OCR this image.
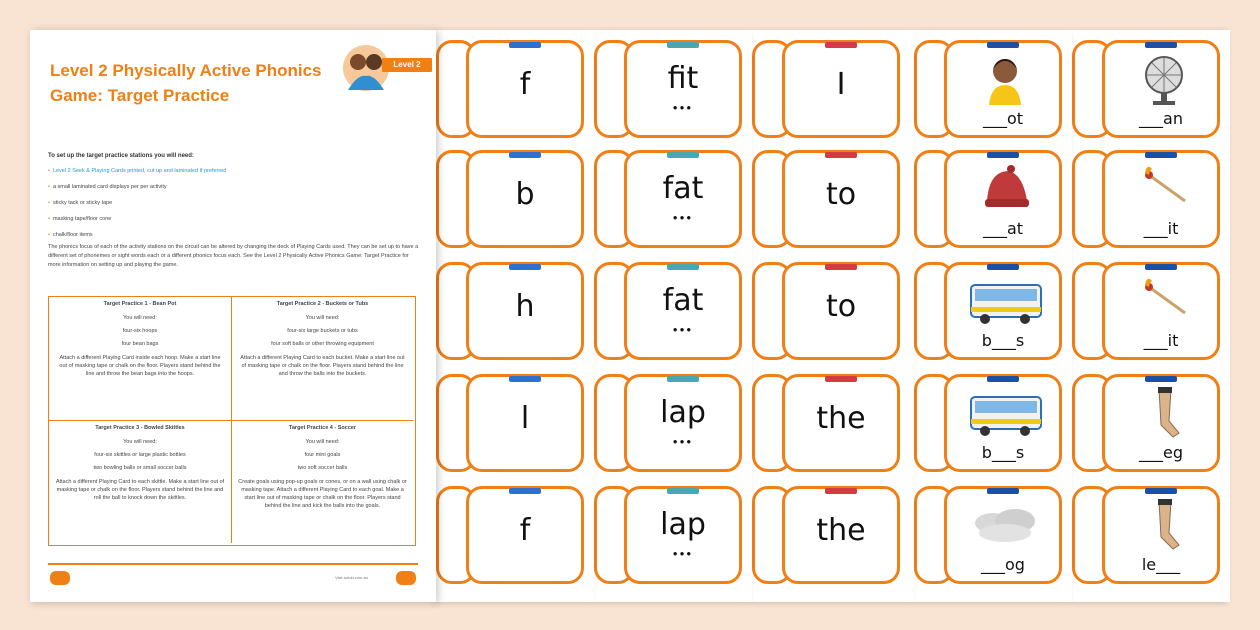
___an
___it
___it
___eg
le___
___ot
___at
b___s
b___s
___og
I
to
to
the
the
fit
●●●
fat
●●●
fat
●●●
lap
●●●
lap
●●●
f
b
h
l
f
Level 2 Physically Active Phonics Game: Target Practice
Level 2
To set up the target practice stations you will need:
• Level 2 Seek & Playing Cards printed, cut up and laminated if preferred
• a small laminated card displays per per activity
• sticky tack or sticky tape
• masking tape/floor cone
• chalk/floor items
The phonics focus of each of the activity stations on the circuit can be altered by changing the deck of Playing Cards used. They can be set up to have a different set of phonemes or sight words each or a different phonics focus each. See the Level 2 Physically Active Phonics Game: Target Practice for more information on setting up and playing the game.
Target Practice 1 - Bean Pot
You will need:
four-six hoops
four bean bags
Attach a different Playing Card inside each hoop. Make a start line out of masking tape or chalk on the floor. Players stand behind the line and throw the bean bags into the hoops.
Target Practice 2 - Buckets or Tubs
You will need:
four-six large buckets or tubs
four soft balls or other throwing equipment
Attach a different Playing Card to each bucket. Make a start line out of masking tape or chalk on the floor. Players stand behind the line and throw the balls into the buckets.
Target Practice 3 - Bowled Skittles
You will need:
four-six skittles or large plastic bottles
two bowling balls or small soccer balls
Attach a different Playing Card to each skittle. Make a start line out of masking tape or chalk on the floor. Players stand behind the line and roll the ball to knock down the skittles.
Target Practice 4 - Soccer
You will need:
four mini goals
two soft soccer balls
Create goals using pop-up goals or cones, or on a wall using chalk or masking tape. Attach a different Playing Card to each goal. Make a start line out of masking tape or chalk on the floor. Players stand behind the line and kick the balls into the goals.
Visit twinkl.com.au
